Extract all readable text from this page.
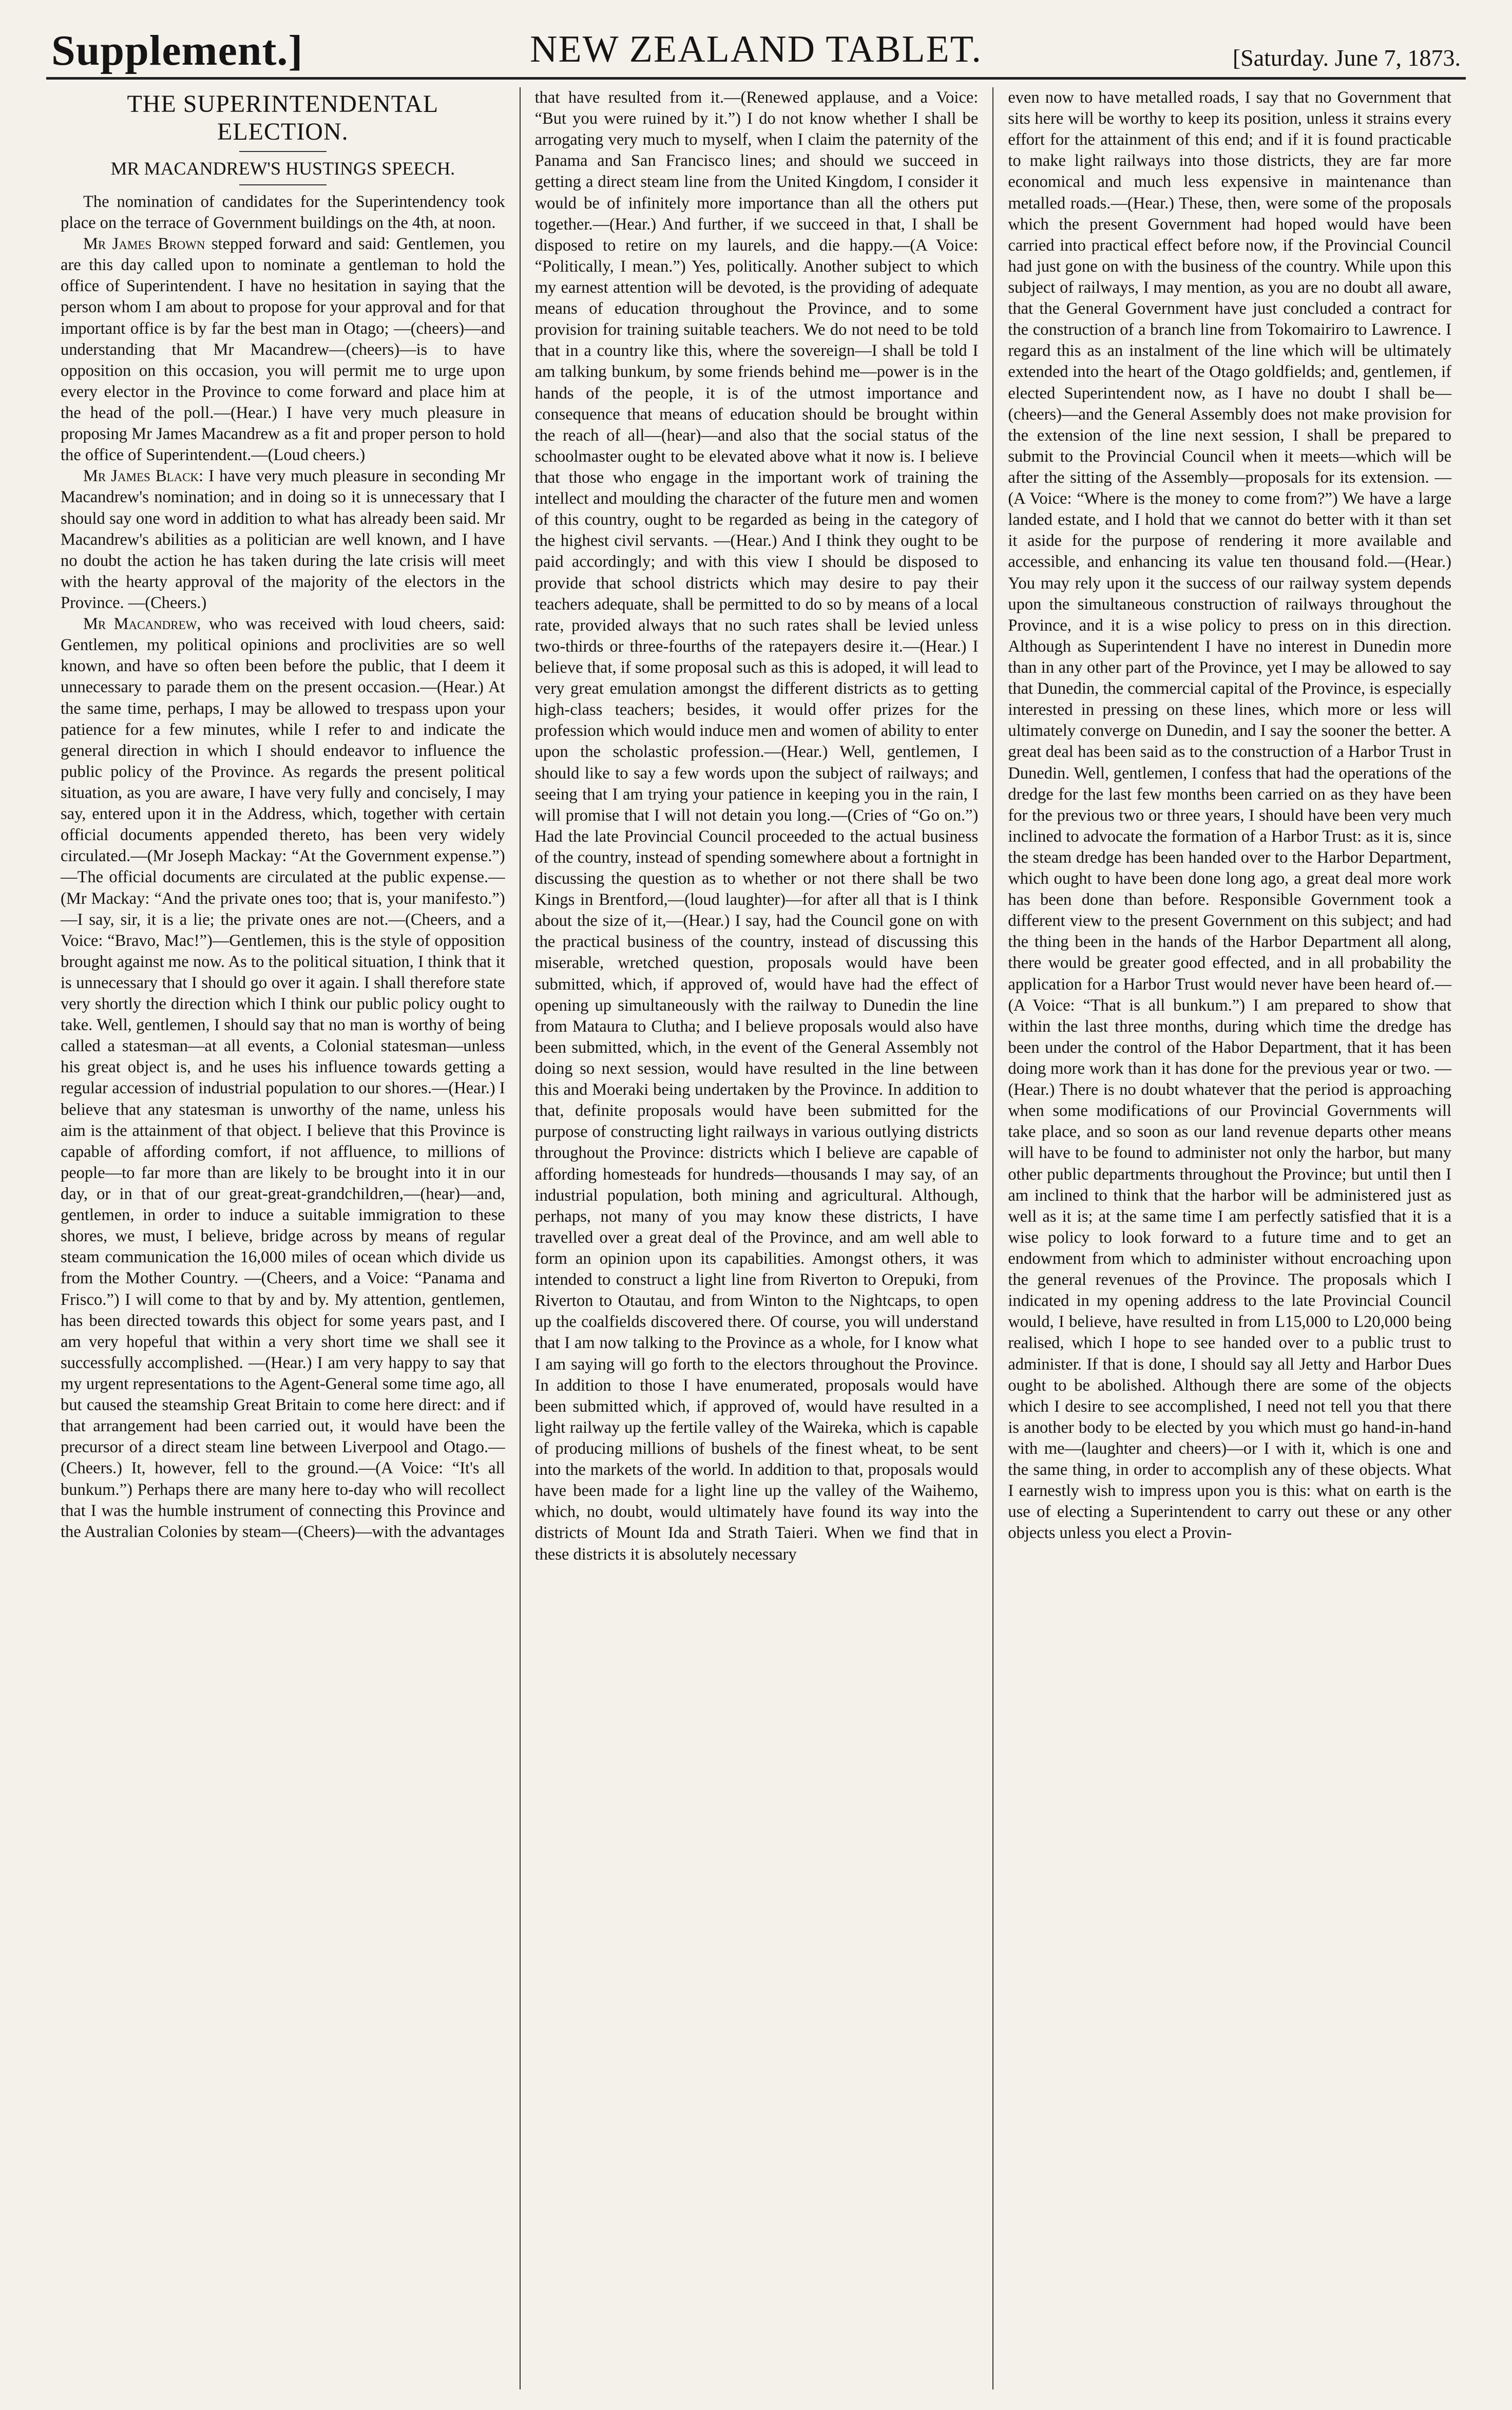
Supplement.]	NEW ZEALAND TABLET.	[Saturday. June 7, 1873.
THE SUPERINTENDENTAL ELECTION.
MR MACANDREW'S HUSTINGS SPEECH.

The nomination of candidates for the Superintendency took place on the terrace of Government buildings on the 4th, at noon.

Mr James Brown stepped forward and said: Gentlemen, you are this day called upon to nominate a gentleman to hold the office of Superintendent. I have no hesitation in saying that the person whom I am about to propose for your approval and for that important office is by far the best man in Otago; —(cheers)—and understanding that Mr Macandrew—(cheers)—is to have opposition on this occasion, you will permit me to urge upon every elector in the Province to come forward and place him at the head of the poll.—(Hear.) I have very much pleasure in proposing Mr James Macandrew as a fit and proper person to hold the office of Superintendent.—(Loud cheers.)

Mr James Black: I have very much pleasure in seconding Mr Macandrew's nomination; and in doing so it is unnecessary that I should say one word in addition to what has already been said. Mr Macandrew's abilities as a politician are well known, and I have no doubt the action he has taken during the late crisis will meet with the hearty approval of the majority of the electors in the Province. —(Cheers.)

Mr Macandrew, who was received with loud cheers, said: Gentlemen, my political opinions and proclivities are so well known, and have so often been before the public, that I deem it unnecessary to parade them on the present occasion.—(Hear.) At the same time, perhaps, I may be allowed to trespass upon your patience for a few minutes, while I refer to and indicate the general direction in which I should endeavor to influence the public policy of the Province. As regards the present political situation, as you are aware, I have very fully and concisely, I may say, entered upon it in the Address, which, together with certain official documents appended thereto, has been very widely circulated.—(Mr Joseph Mackay: “At the Government expense.”) —The official documents are circulated at the public expense.—(Mr Mackay: “And the private ones too; that is, your manifesto.”)—I say, sir, it is a lie; the private ones are not.—(Cheers, and a Voice: “Bravo, Mac!”)—Gentlemen, this is the style of opposition brought against me now. As to the political situation, I think that it is unnecessary that I should go over it again. I shall therefore state very shortly the direction which I think our public policy ought to take. Well, gentlemen, I should say that no man is worthy of being called a statesman—at all events, a Colonial statesman—unless his great object is, and he uses his influence towards getting a regular accession of industrial population to our shores.—(Hear.) I believe that any statesman is unworthy of the name, unless his aim is the attainment of that object. I believe that this Province is capable of affording comfort, if not affluence, to millions of people—to far more than are likely to be brought into it in our day, or in that of our great-great-grandchildren,—(hear)—and, gentlemen, in order to induce a suitable immigration to these shores, we must, I believe, bridge across by means of regular steam communication the 16,000 miles of ocean which divide us from the Mother Country. —(Cheers, and a Voice: “Panama and Frisco.”) I will come to that by and by. My attention, gentlemen, has been directed towards this object for some years past, and I am very hopeful that within a very short time we shall see it successfully accomplished. —(Hear.) I am very happy to say that my urgent representations to the Agent-General some time ago, all but caused the steamship Great Britain to come here direct: and if that arrangement had been carried out, it would have been the precursor of a direct steam line between Liverpool and Otago.—(Cheers.) It, however, fell to the ground.—(A Voice: “It's all bunkum.”) Perhaps there are many here to-day who will recollect that I was the humble instrument of connecting this Province and the Australian Colonies by steam—(Cheers)—with the advantages

that have resulted from it.—(Renewed applause, and a Voice: “But you were ruined by it.”) I do not know whether I shall be arrogating very much to myself, when I claim the paternity of the Panama and San Francisco lines; and should we succeed in getting a direct steam line from the United Kingdom, I consider it would be of infinitely more importance than all the others put together.—(Hear.) And further, if we succeed in that, I shall be disposed to retire on my laurels, and die happy.—(A Voice: “Politically, I mean.”) Yes, politically. Another subject to which my earnest attention will be devoted, is the providing of adequate means of education throughout the Province, and to some provision for training suitable teachers. We do not need to be told that in a country like this, where the sovereign—I shall be told I am talking bunkum, by some friends behind me—power is in the hands of the people, it is of the utmost importance and consequence that means of education should be brought within the reach of all—(hear)—and also that the social status of the schoolmaster ought to be elevated above what it now is. I believe that those who engage in the important work of training the intellect and moulding the character of the future men and women of this country, ought to be regarded as being in the category of the highest civil servants. —(Hear.) And I think they ought to be paid accordingly; and with this view I should be disposed to provide that school districts which may desire to pay their teachers adequate, shall be permitted to do so by means of a local rate, provided always that no such rates shall be levied unless two-thirds or three-fourths of the ratepayers desire it.—(Hear.) I believe that, if some proposal such as this is adoped, it will lead to very great emulation amongst the different districts as to getting high-class teachers; besides, it would offer prizes for the profession which would induce men and women of ability to enter upon the scholastic profession.—(Hear.) Well, gentlemen, I should like to say a few words upon the subject of railways; and seeing that I am trying your patience in keeping you in the rain, I will promise that I will not detain you long.—(Cries of “Go on.”) Had the late Provincial Council proceeded to the actual business of the country, instead of spending somewhere about a fortnight in discussing the question as to whether or not there shall be two Kings in Brentford,—(loud laughter)—for after all that is I think about the size of it,—(Hear.) I say, had the Council gone on with the practical business of the country, instead of discussing this miserable, wretched question, proposals would have been submitted, which, if approved of, would have had the effect of opening up simultaneously with the railway to Dunedin the line from Mataura to Clutha; and I believe proposals would also have been submitted, which, in the event of the General Assembly not doing so next session, would have resulted in the line between this and Moeraki being undertaken by the Province. In addition to that, definite proposals would have been submitted for the purpose of constructing light railways in various outlying districts throughout the Province: districts which I believe are capable of affording homesteads for hundreds—thousands I may say, of an industrial population, both mining and agricultural. Although, perhaps, not many of you may know these districts, I have travelled over a great deal of the Province, and am well able to form an opinion upon its capabilities. Amongst others, it was intended to construct a light line from Riverton to Orepuki, from Riverton to Otautau, and from Winton to the Nightcaps, to open up the coalfields discovered there. Of course, you will understand that I am now talking to the Province as a whole, for I know what I am saying will go forth to the electors throughout the Province. In addition to those I have enumerated, proposals would have been submitted which, if approved of, would have resulted in a light railway up the fertile valley of the Waireka, which is capable of producing millions of bushels of the finest wheat, to be sent into the markets of the world. In addition to that, proposals would have been made for a light line up the valley of the Waihemo, which, no doubt, would ultimately have found its way into the districts of Mount Ida and Strath Taieri. When we find that in these districts it is absolutely necessary

even now to have metalled roads, I say that no Government that sits here will be worthy to keep its position, unless it strains every effort for the attainment of this end; and if it is found practicable to make light railways into those districts, they are far more economical and much less expensive in maintenance than metalled roads.—(Hear.) These, then, were some of the proposals which the present Government had hoped would have been carried into practical effect before now, if the Provincial Council had just gone on with the business of the country. While upon this subject of railways, I may mention, as you are no doubt all aware, that the General Government have just concluded a contract for the construction of a branch line from Tokomairiro to Lawrence. I regard this as an instalment of the line which will be ultimately extended into the heart of the Otago goldfields; and, gentlemen, if elected Superintendent now, as I have no doubt I shall be—(cheers)—and the General Assembly does not make provision for the extension of the line next session, I shall be prepared to submit to the Provincial Council when it meets—which will be after the sitting of the Assembly—proposals for its extension. — (A Voice: “Where is the money to come from?”) We have a large landed estate, and I hold that we cannot do better with it than set it aside for the purpose of rendering it more available and accessible, and enhancing its value ten thousand fold.—(Hear.) You may rely upon it the success of our railway system depends upon the simultaneous construction of railways throughout the Province, and it is a wise policy to press on in this direction. Although as Superintendent I have no interest in Dunedin more than in any other part of the Province, yet I may be allowed to say that Dunedin, the commercial capital of the Province, is especially interested in pressing on these lines, which more or less will ultimately converge on Dunedin, and I say the sooner the better. A great deal has been said as to the construction of a Harbor Trust in Dunedin. Well, gentlemen, I confess that had the operations of the dredge for the last few months been carried on as they have been for the previous two or three years, I should have been very much inclined to advocate the formation of a Harbor Trust: as it is, since the steam dredge has been handed over to the Harbor Department, which ought to have been done long ago, a great deal more work has been done than before. Responsible Government took a different view to the present Government on this subject; and had the thing been in the hands of the Harbor Department all along, there would be greater good effected, and in all probability the application for a Harbor Trust would never have been heard of.—(A Voice: “That is all bunkum.”) I am prepared to show that within the last three months, during which time the dredge has been under the control of the Habor Department, that it has been doing more work than it has done for the previous year or two. —(Hear.) There is no doubt whatever that the period is approaching when some modifications of our Provincial Governments will take place, and so soon as our land revenue departs other means will have to be found to administer not only the harbor, but many other public departments throughout the Province; but until then I am inclined to think that the harbor will be administered just as well as it is; at the same time I am perfectly satisfied that it is a wise policy to look forward to a future time and to get an endowment from which to administer without encroaching upon the general revenues of the Province. The proposals which I indicated in my opening address to the late Provincial Council would, I believe, have resulted in from L15,000 to L20,000 being realised, which I hope to see handed over to a public trust to administer. If that is done, I should say all Jetty and Harbor Dues ought to be abolished. Although there are some of the objects which I desire to see accomplished, I need not tell you that there is another body to be elected by you which must go hand-in-hand with me—(laughter and cheers)—or I with it, which is one and the same thing, in order to accomplish any of these objects. What I earnestly wish to impress upon you is this: what on earth is the use of electing a Superintendent to carry out these or any other objects unless you elect a Provin-
